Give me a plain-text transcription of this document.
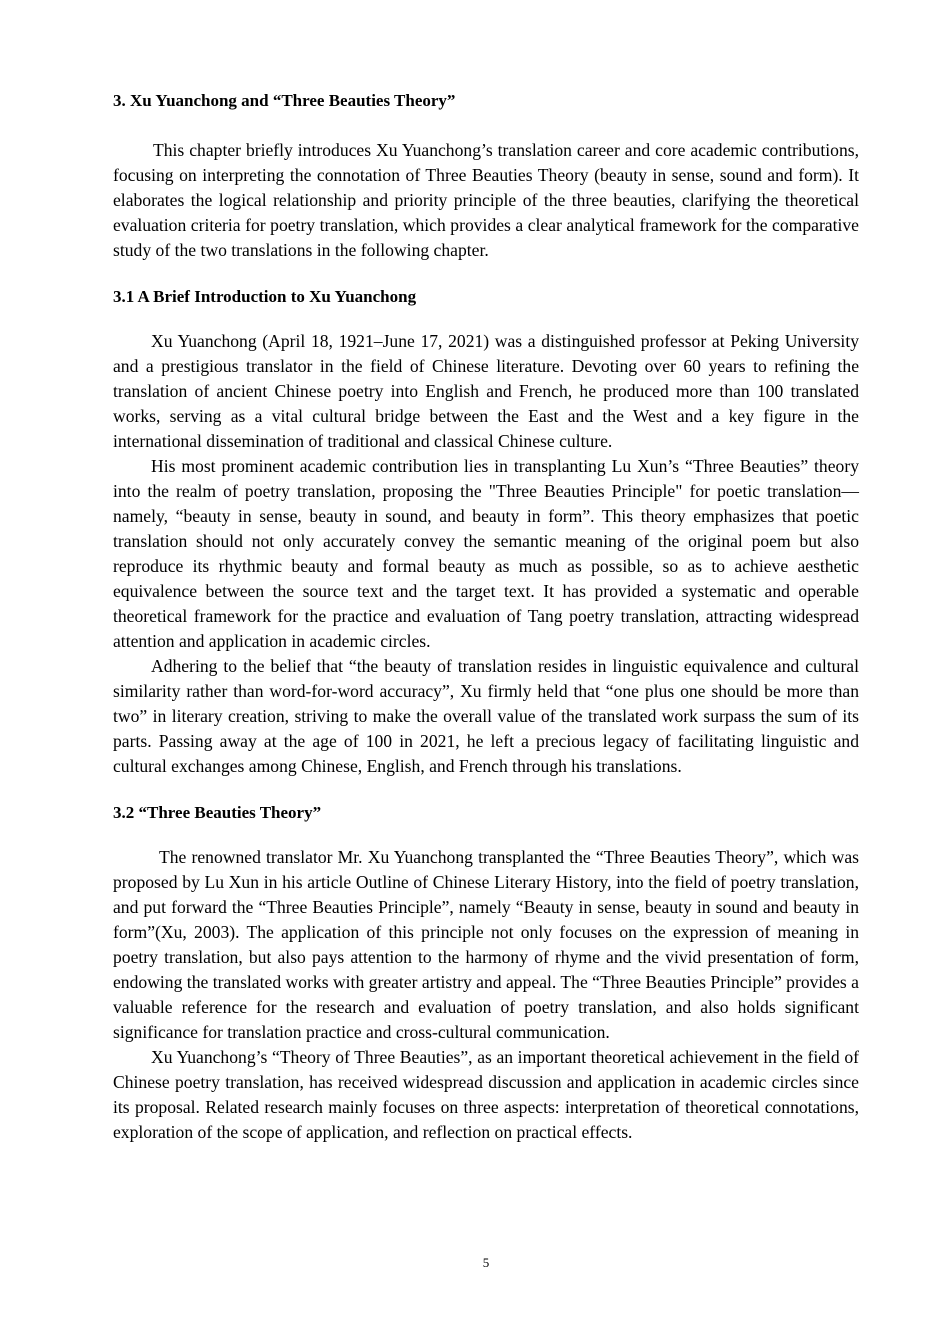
3. Xu Yuanchong and “Three Beauties Theory”

This chapter briefly introduces Xu Yuanchong’s translation career and core academic contributions, focusing on interpreting the connotation of Three Beauties Theory (beauty in sense, sound and form). It elaborates the logical relationship and priority principle of the three beauties, clarifying the theoretical evaluation criteria for poetry translation, which provides a clear analytical framework for the comparative study of the two translations in the following chapter.

3.1 A Brief Introduction to Xu Yuanchong

Xu Yuanchong (April 18, 1921–June 17, 2021) was a distinguished professor at Peking University and a prestigious translator in the field of Chinese literature. Devoting over 60 years to refining the translation of ancient Chinese poetry into English and French, he produced more than 100 translated works, serving as a vital cultural bridge between the East and the West and a key figure in the international dissemination of traditional and classical Chinese culture.

His most prominent academic contribution lies in transplanting Lu Xun’s “Three Beauties” theory into the realm of poetry translation, proposing the "Three Beauties Principle" for poetic translation—namely, “beauty in sense, beauty in sound, and beauty in form”. This theory emphasizes that poetic translation should not only accurately convey the semantic meaning of the original poem but also reproduce its rhythmic beauty and formal beauty as much as possible, so as to achieve aesthetic equivalence between the source text and the target text. It has provided a systematic and operable theoretical framework for the practice and evaluation of Tang poetry translation, attracting widespread attention and application in academic circles.

Adhering to the belief that “the beauty of translation resides in linguistic equivalence and cultural similarity rather than word-for-word accuracy”, Xu firmly held that “one plus one should be more than two” in literary creation, striving to make the overall value of the translated work surpass the sum of its parts. Passing away at the age of 100 in 2021, he left a precious legacy of facilitating linguistic and cultural exchanges among Chinese, English, and French through his translations.

3.2 “Three Beauties Theory”

The renowned translator Mr. Xu Yuanchong transplanted the “Three Beauties Theory”, which was proposed by Lu Xun in his article Outline of Chinese Literary History, into the field of poetry translation, and put forward the “Three Beauties Principle”, namely “Beauty in sense, beauty in sound and beauty in form”(Xu, 2003). The application of this principle not only focuses on the expression of meaning in poetry translation, but also pays attention to the harmony of rhyme and the vivid presentation of form, endowing the translated works with greater artistry and appeal. The “Three Beauties Principle” provides a valuable reference for the research and evaluation of poetry translation, and also holds significant significance for translation practice and cross-cultural communication.

Xu Yuanchong’s “Theory of Three Beauties”, as an important theoretical achievement in the field of Chinese poetry translation, has received widespread discussion and application in academic circles since its proposal. Related research mainly focuses on three aspects: interpretation of theoretical connotations, exploration of the scope of application, and reflection on practical effects.

5
